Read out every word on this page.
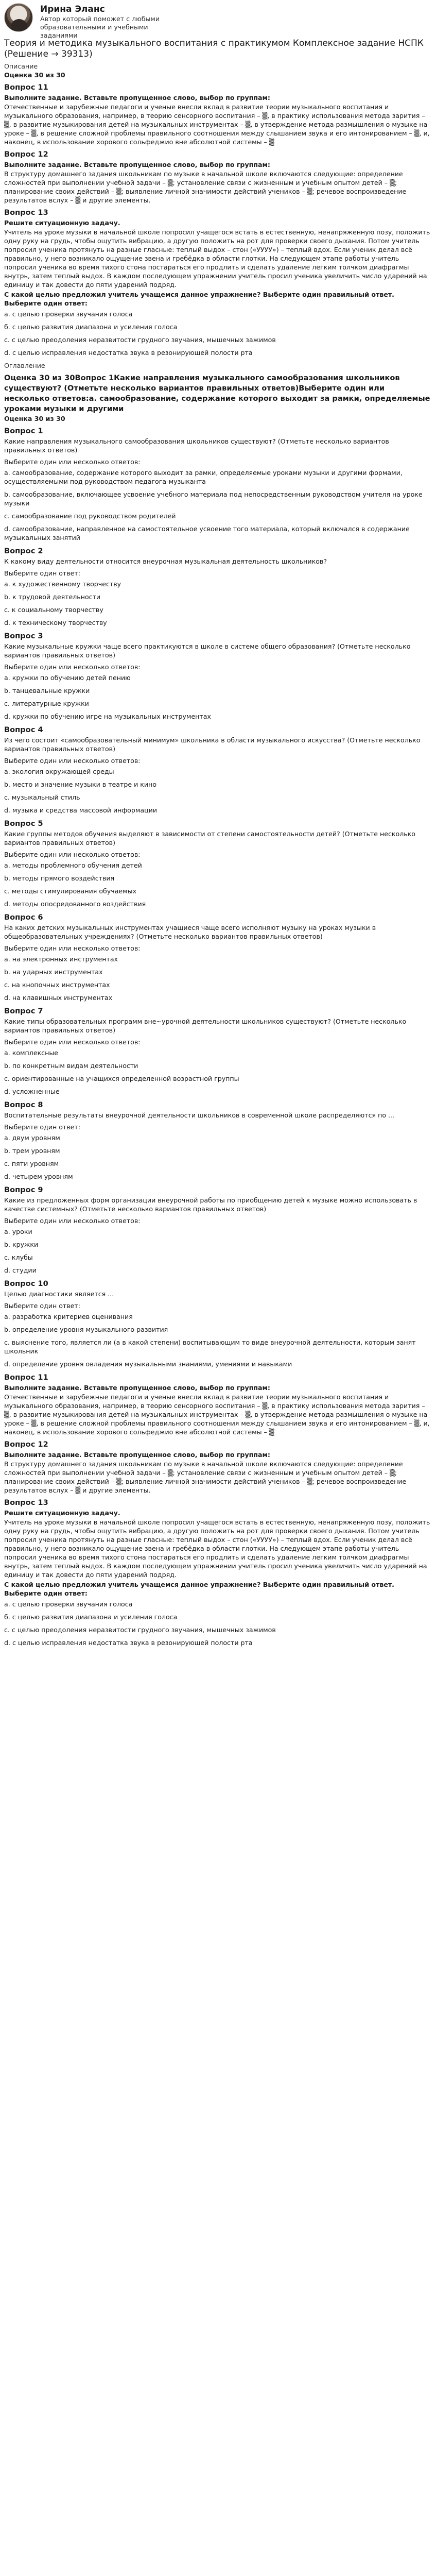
Ирина Эланс
Автор который поможет с любыми образовательными и учебными заданиями
Теория и методика музыкального воспитания с практикумом Комплексное задание НСПК (Решение → 39313)
Описание
Оценка 30 из 30
Вопрос 11
Выполните задание. Вставьте пропущенное слово, выбор по группам:
Отечественные и зарубежные педагоги и ученые внесли вклад в развитие теории музыкального воспитания и музыкального образования, например, в теорию сенсорного воспитания – ▒, в практику использования метода зарития – ▒, в развитие музыкирования детей на музыкальных инструментах – ▒, в утверждение метода размышления о музыке на уроке – ▒, в решение сложной проблемы правильного соотношения между слышанием звука и его интонированием – ▒, и, наконец, в использование хорового сольфеджио вне абсолютной системы – ▒
Вопрос 12
Выполните задание. Вставьте пропущенное слово, выбор по группам:
В структуру домашнего задания школьникам по музыке в начальной школе включаются следующие: определение сложностей при выполнении учебной задачи – ▒; установление связи с жизненным и учебным опытом детей – ▒; планирование своих действий – ▒; выявление личной значимости действий учеников – ▒; речевое воспроизведение результатов вслух – ▒ и другие элементы.
Вопрос 13
Решите ситуационную задачу.
Учитель на уроке музыки в начальной школе попросил учащегося встать в естественную, ненапряженную позу, положить одну руку на грудь, чтобы ощутить вибрацию, а другую положить на рот для проверки своего дыхания. Потом учитель попросил ученика протянуть на разные гласные: теплый выдох – стон («УУУУ») – теплый вдох. Если ученик делал всё правильно, у него возникало ощущение звена и гребёдка в области глотки. На следующем этапе работы учитель попросил ученика во время тихого стона постараться его продлить и сделать удаление легким толчком диафрагмы внутрь, затем теплый выдох. В каждом последующем упражнении учитель просил ученика увеличить число ударений на единицу и так довести до пяти ударений подряд.
С какой целью предложил учитель учащемся данное упражнение? Выберите один правильный ответ.
Выберите один ответ:
а. с целью проверки звучания голоса
б. с целью развития диапазона и усиления голоса
с. с целью преодоления неразвитости грудного звучания, мышечных зажимов
d. с целью исправления недостатка звука в резонирующей полости рта
Оглавление
Оценка 30 из 30Вопрос 1Какие направления музыкального самообразования школьников существуют? (Отметьте несколько вариантов правильных ответов)Выберите один или несколько ответов:а. самообразование, содержание которого выходит за рамки, определяемые уроками музыки и другими
Оценка 30 из 30
Вопрос 1
Какие направления музыкального самообразования школьников существуют? (Отметьте несколько вариантов правильных ответов)
Выберите один или несколько ответов:
а. самообразование, содержание которого выходит за рамки, определяемые уроками музыки и другими формами, осуществляемыми под руководством педагога-музыканта
b. самообразование, включающее усвоение учебного материала под непосредственным руководством учителя на уроке музыки
с. самообразование под руководством родителей
d. самообразование, направленное на самостоятельное усвоение того материала, который включался в содержание музыкальных занятий
Вопрос 2
К какому виду деятельности относится внеурочная музыкальная деятельность школьников?
Выберите один ответ:
а. к художественному творчеству
b. к трудовой деятельности
с. к социальному творчеству
d. к техническому творчеству
Вопрос 3
Какие музыкальные кружки чаще всего практикуются в школе в системе общего образования? (Отметьте несколько вариантов правильных ответов)
Выберите один или несколько ответов:
а. кружки по обучению детей пению
b. танцевальные кружки
с. литературные кружки
d. кружки по обучению игре на музыкальных инструментах
Вопрос 4
Из чего состоит «самообразовательный минимум» школьника в области музыкального искусства? (Отметьте несколько вариантов правильных ответов)
Выберите один или несколько ответов:
а. экология окружающей среды
b. место и значение музыки в театре и кино
с. музыкальный стиль
d. музыка и средства массовой информации
Вопрос 5
Какие группы методов обучения выделяют в зависимости от степени самостоятельности детей? (Отметьте несколько вариантов правильных ответов)
Выберите один или несколько ответов:
а. методы проблемного обучения детей
b. методы прямого воздействия
с. методы стимулирования обучаемых
d. методы опосредованного воздействия
Вопрос 6
На каких детских музыкальных инструментах учащиеся чаще всего исполняют музыку на уроках музыки в общеобразовательных учреждениях? (Отметьте несколько вариантов правильных ответов)
Выберите один или несколько ответов:
а. на электронных инструментах
b. на ударных инструментах
с. на кнопочных инструментах
d. на клавишных инструментах
Вопрос 7
Какие типы образовательных программ вне~урочной деятельности школьников существуют? (Отметьте несколько вариантов правильных ответов)
Выберите один или несколько ответов:
а. комплексные
b. по конкретным видам деятельности
с. ориентированные на учащихся определенной возрастной группы
d. усложненные
Вопрос 8
Воспитательные результаты внеурочной деятельности школьников в современной школе распределяются по ...
Выберите один ответ:
а. двум уровням
b. трем уровням
с. пяти уровням
d. четырем уровням
Вопрос 9
Какие из предложенных форм организации внеурочной работы по приобщению детей к музыке можно использовать в качестве системных? (Отметьте несколько вариантов правильных ответов)
Выберите один или несколько ответов:
а. уроки
b. кружки
с. клубы
d. студии
Вопрос 10
Целью диагностики является ...
Выберите один ответ:
а. разработка критериев оценивания
b. определение уровня музыкального развития
с. выяснение того, является ли (а в какой степени) воспитывающим то виде внеурочной деятельности, которым занят школьник
d. определение уровня овладения музыкальными знаниями, умениями и навыками
Вопрос 11
Выполните задание. Вставьте пропущенное слово, выбор по группам:
Отечественные и зарубежные педагоги и ученые внесли вклад в развитие теории музыкального воспитания и музыкального образования, например, в теорию сенсорного воспитания – ▒, в практику использования метода зарития – ▒, в развитие музыкирования детей на музыкальных инструментах – ▒, в утверждение метода размышления о музыке на уроке – ▒, в решение сложной проблемы правильного соотношения между слышанием звука и его интонированием – ▒, и, наконец, в использование хорового сольфеджио вне абсолютной системы – ▒
Вопрос 12
Выполните задание. Вставьте пропущенное слово, выбор по группам:
В структуру домашнего задания школьникам по музыке в начальной школе включаются следующие: определение сложностей при выполнении учебной задачи – ▒; установление связи с жизненным и учебным опытом детей – ▒; планирование своих действий – ▒; выявление личной значимости действий учеников – ▒; речевое воспроизведение результатов вслух – ▒ и другие элементы.
Вопрос 13
Решите ситуационную задачу.
Учитель на уроке музыки в начальной школе попросил учащегося встать в естественную, ненапряженную позу, положить одну руку на грудь, чтобы ощутить вибрацию, а другую положить на рот для проверки своего дыхания. Потом учитель попросил ученика протянуть на разные гласные: теплый выдох – стон («УУУУ») – теплый вдох. Если ученик делал всё правильно, у него возникало ощущение звена и гребёдка в области глотки. На следующем этапе работы учитель попросил ученика во время тихого стона постараться его продлить и сделать удаление легким толчком диафрагмы внутрь, затем теплый выдох. В каждом последующем упражнении учитель просил ученика увеличить число ударений на единицу и так довести до пяти ударений подряд.
С какой целью предложил учитель учащемся данное упражнение? Выберите один правильный ответ.
Выберите один ответ:
а. с целью проверки звучания голоса
б. с целью развития диапазона и усиления голоса
с. с целью преодоления неразвитости грудного звучания, мышечных зажимов
d. с целью исправления недостатка звука в резонирующей полости рта
